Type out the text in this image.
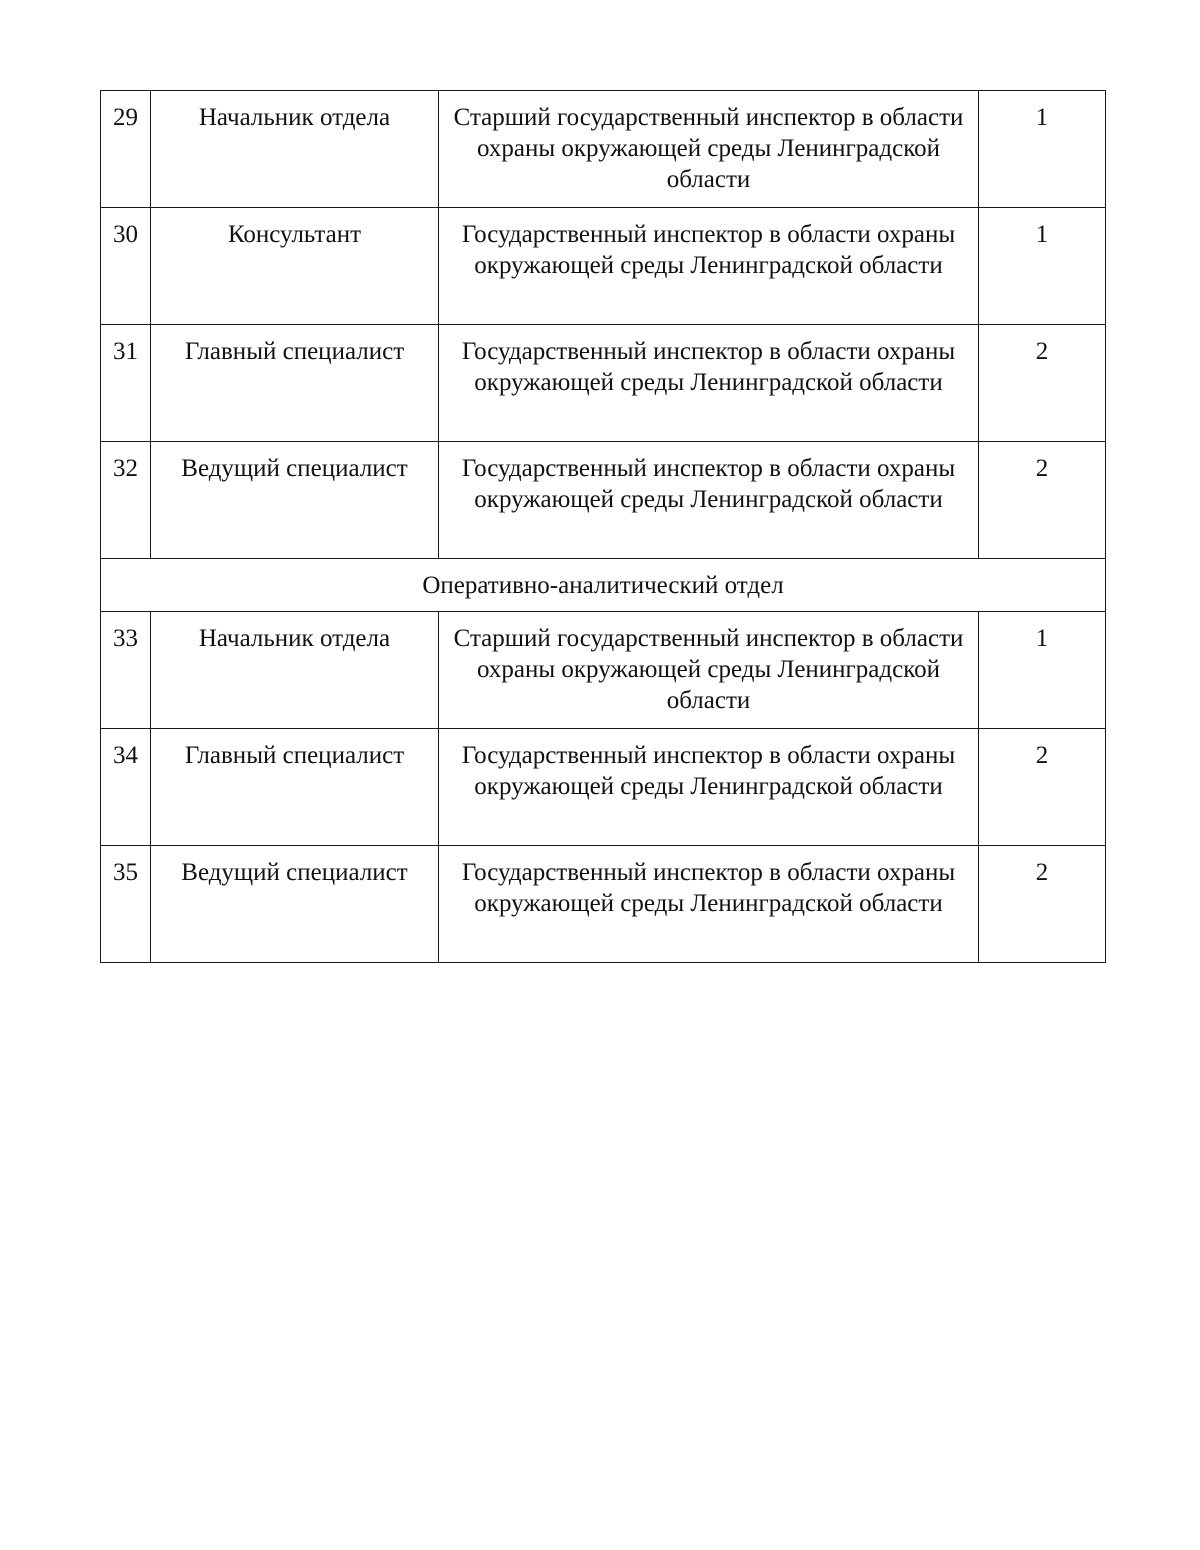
29	Начальник отдела	Старший государственный инспектор в области охраны окружающей среды Ленинградской области	1

30	Консультант	Государственный инспектор в области охраны окружающей среды Ленинградской области	1

31	Главный специалист	Государственный инспектор в области охраны окружающей среды Ленинградской области	2

32	Ведущий специалист	Государственный инспектор в области охраны окружающей среды Ленинградской области	2

Оперативно-аналитический отдел			

33	Начальник отдела	Старший государственный инспектор в области охраны окружающей среды Ленинградской области	1

34	Главный специалист	Государственный инспектор в области охраны окружающей среды Ленинградской области	2

35	Ведущий специалист	Государственный инспектор в области охраны окружающей среды Ленинградской области	2
